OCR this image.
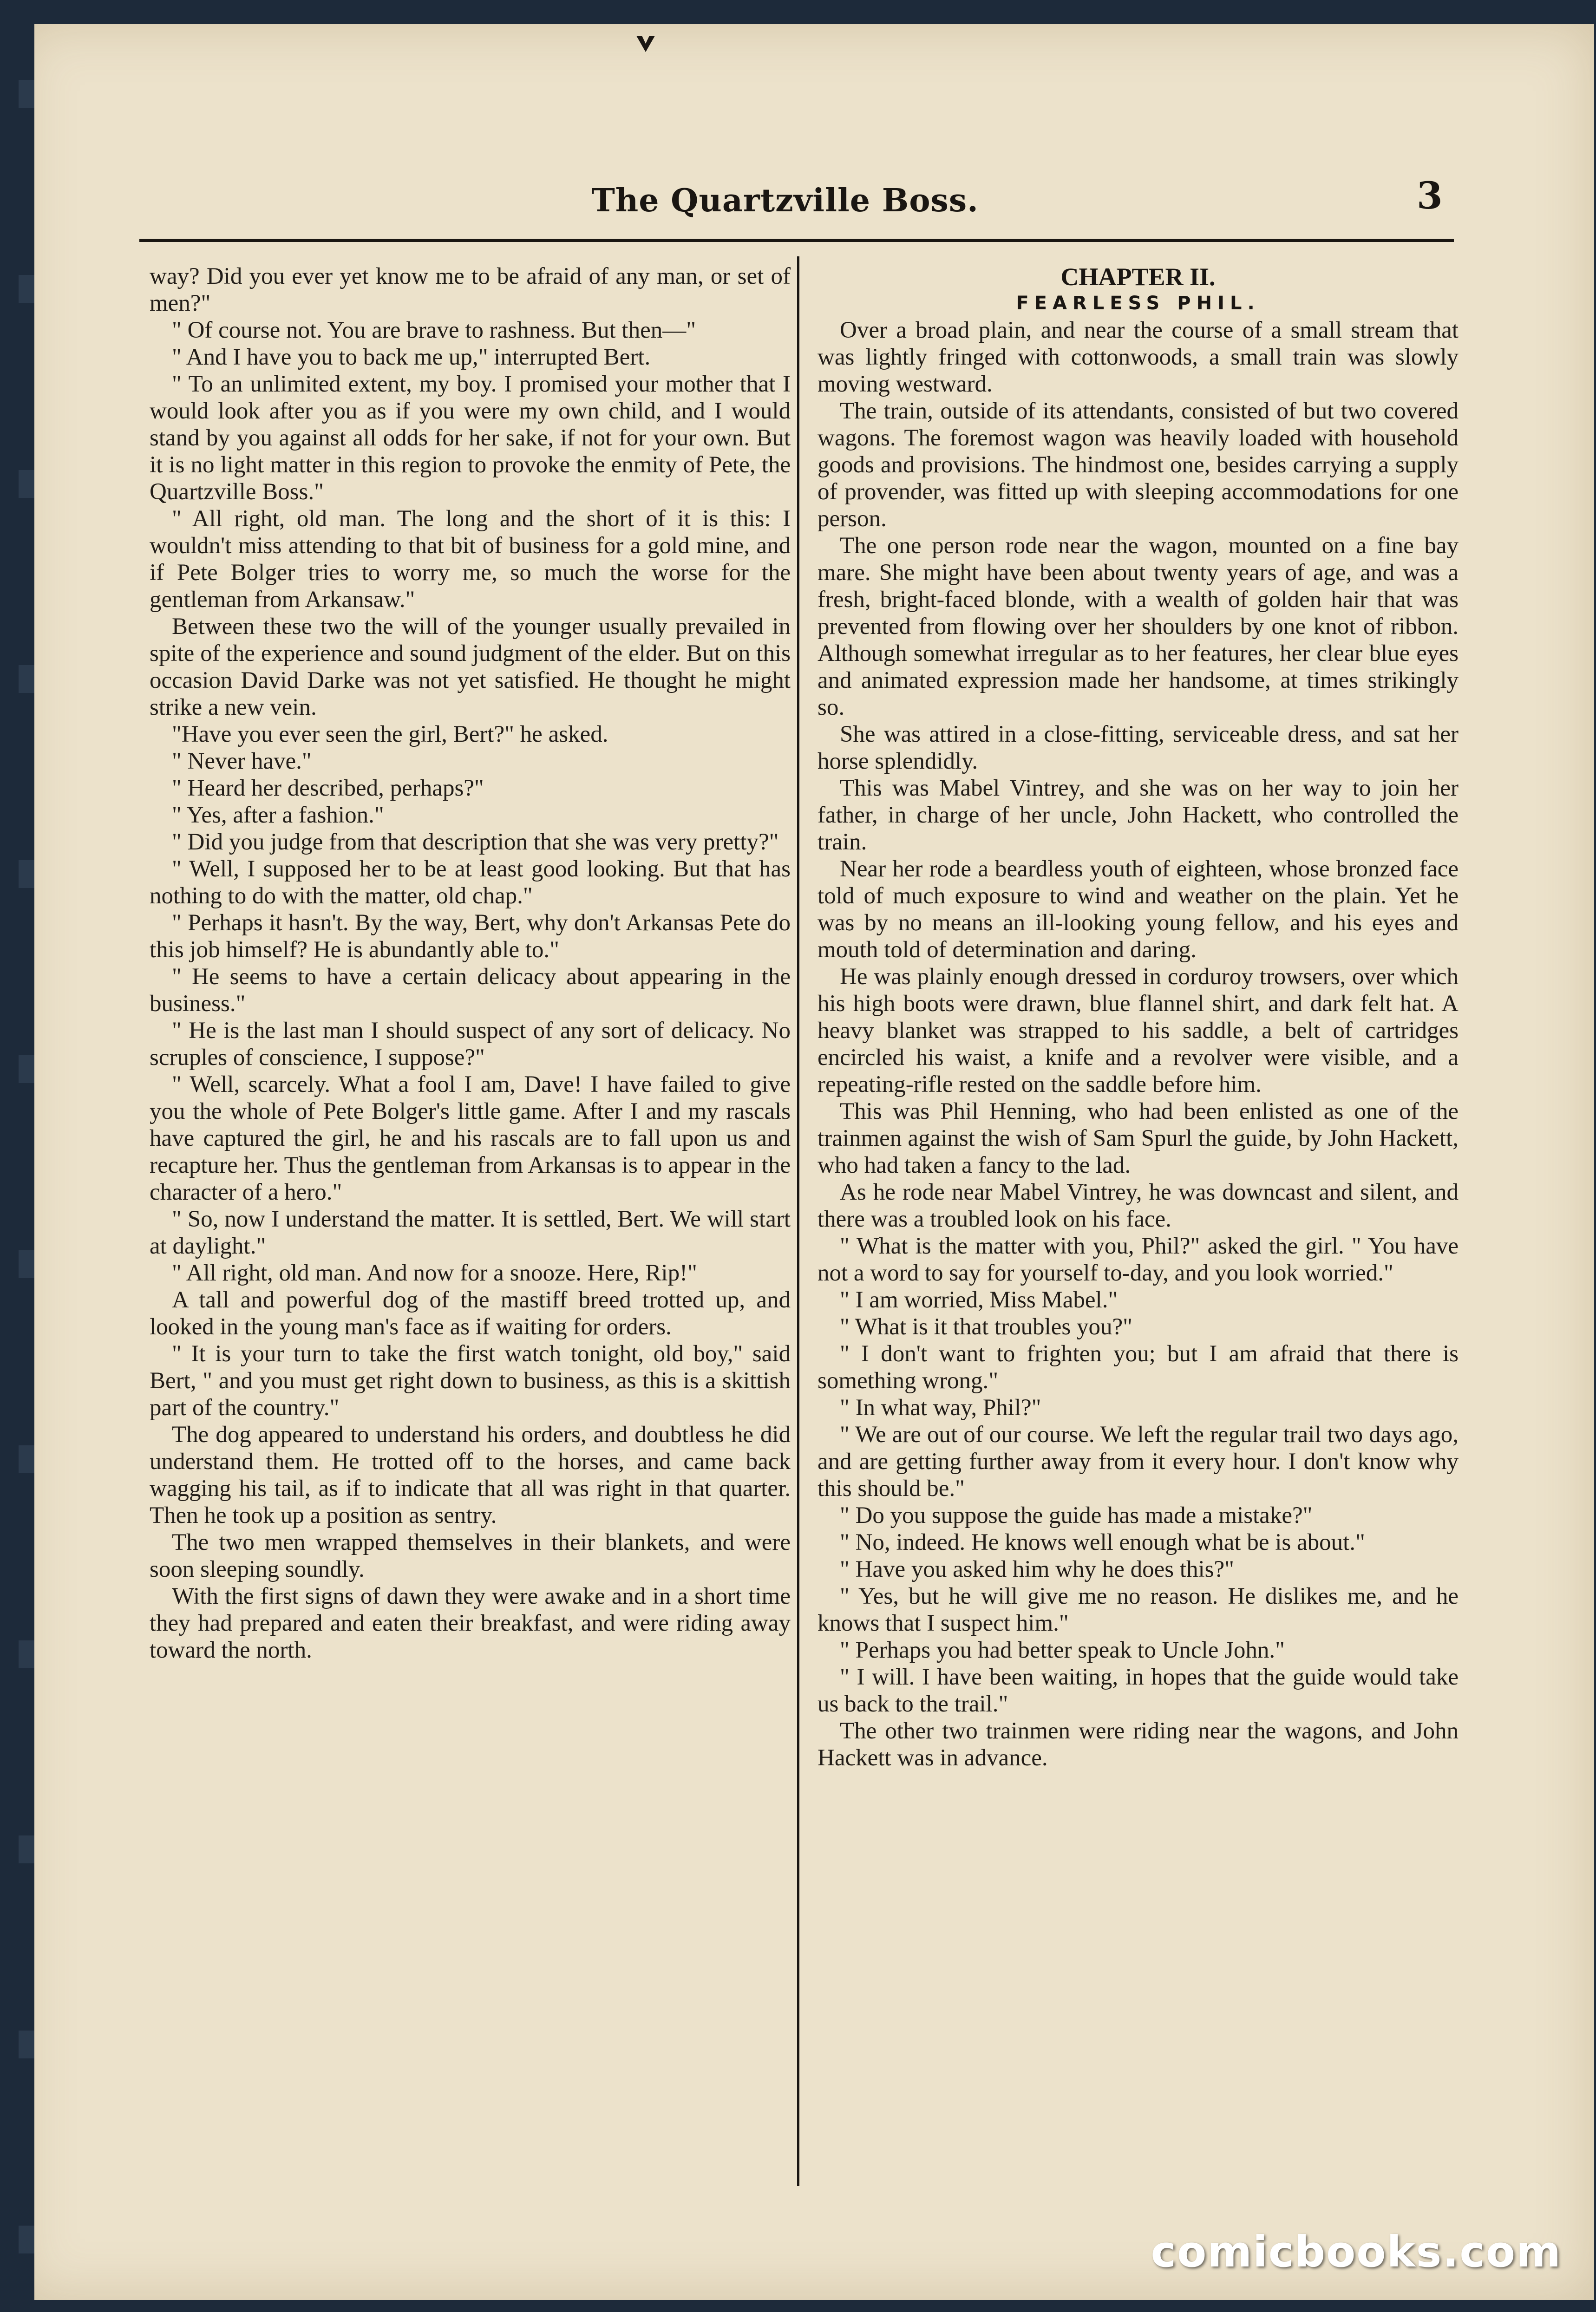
The Quartzville Boss.	3

way? Did you ever yet know me to be afraid of any man, or set of men?"

" Of course not. You are brave to rashness. But then—"

" And I have you to back me up," interrupted Bert.

" To an unlimited extent, my boy. I promised your mother that I would look after you as if you were my own child, and I would stand by you against all odds for her sake, if not for your own. But it is no light matter in this region to provoke the enmity of Pete, the Quartzville Boss."

" All right, old man. The long and the short of it is this: I wouldn't miss attending to that bit of business for a gold mine, and if Pete Bolger tries to worry me, so much the worse for the gentleman from Arkansaw."

Between these two the will of the younger usually prevailed in spite of the experience and sound judgment of the elder. But on this occasion David Darke was not yet satisfied. He thought he might strike a new vein.

"Have you ever seen the girl, Bert?" he asked.

" Never have."

" Heard her described, perhaps?"

" Yes, after a fashion."

" Did you judge from that description that she was very pretty?"

" Well, I supposed her to be at least good looking. But that has nothing to do with the matter, old chap."

" Perhaps it hasn't. By the way, Bert, why don't Arkansas Pete do this job himself? He is abundantly able to."

" He seems to have a certain delicacy about appearing in the business."

" He is the last man I should suspect of any sort of delicacy. No scruples of conscience, I suppose?"

" Well, scarcely. What a fool I am, Dave! I have failed to give you the whole of Pete Bolger's little game. After I and my rascals have captured the girl, he and his rascals are to fall upon us and recapture her. Thus the gentleman from Arkansas is to appear in the character of a hero."

" So, now I understand the matter. It is settled, Bert. We will start at daylight."

" All right, old man. And now for a snooze. Here, Rip!"

A tall and powerful dog of the mastiff breed trotted up, and looked in the young man's face as if waiting for orders.

" It is your turn to take the first watch tonight, old boy," said Bert, " and you must get right down to business, as this is a skittish part of the country."

The dog appeared to understand his orders, and doubtless he did understand them. He trotted off to the horses, and came back wagging his tail, as if to indicate that all was right in that quarter. Then he took up a position as sentry.

The two men wrapped themselves in their blankets, and were soon sleeping soundly.

With the first signs of dawn they were awake and in a short time they had prepared and eaten their breakfast, and were riding away toward the north.

CHAPTER II.
FEARLESS PHIL.

Over a broad plain, and near the course of a small stream that was lightly fringed with cottonwoods, a small train was slowly moving westward.

The train, outside of its attendants, consisted of but two covered wagons. The foremost wagon was heavily loaded with household goods and provisions. The hindmost one, besides carrying a supply of provender, was fitted up with sleeping accommodations for one person.

The one person rode near the wagon, mounted on a fine bay mare. She might have been about twenty years of age, and was a fresh, bright-faced blonde, with a wealth of golden hair that was prevented from flowing over her shoulders by one knot of ribbon. Although somewhat irregular as to her features, her clear blue eyes and animated expression made her handsome, at times strikingly so.

She was attired in a close-fitting, serviceable dress, and sat her horse splendidly.

This was Mabel Vintrey, and she was on her way to join her father, in charge of her uncle, John Hackett, who controlled the train.

Near her rode a beardless youth of eighteen, whose bronzed face told of much exposure to wind and weather on the plain. Yet he was by no means an ill-looking young fellow, and his eyes and mouth told of determination and daring.

He was plainly enough dressed in corduroy trowsers, over which his high boots were drawn, blue flannel shirt, and dark felt hat. A heavy blanket was strapped to his saddle, a belt of cartridges encircled his waist, a knife and a revolver were visible, and a repeating-rifle rested on the saddle before him.

This was Phil Henning, who had been enlisted as one of the trainmen against the wish of Sam Spurl the guide, by John Hackett, who had taken a fancy to the lad.

As he rode near Mabel Vintrey, he was downcast and silent, and there was a troubled look on his face.

" What is the matter with you, Phil?" asked the girl. " You have not a word to say for yourself to-day, and you look worried."

" I am worried, Miss Mabel."

" What is it that troubles you?"

" I don't want to frighten you; but I am afraid that there is something wrong."

" In what way, Phil?"

" We are out of our course. We left the regular trail two days ago, and are getting further away from it every hour. I don't know why this should be."

" Do you suppose the guide has made a mistake?"

" No, indeed. He knows well enough what be is about."

" Have you asked him why he does this?"

" Yes, but he will give me no reason. He dislikes me, and he knows that I suspect him."

" Perhaps you had better speak to Uncle John."

" I will. I have been waiting, in hopes that the guide would take us back to the trail."

The other two trainmen were riding near the wagons, and John Hackett was in advance.

comicbooks.com
